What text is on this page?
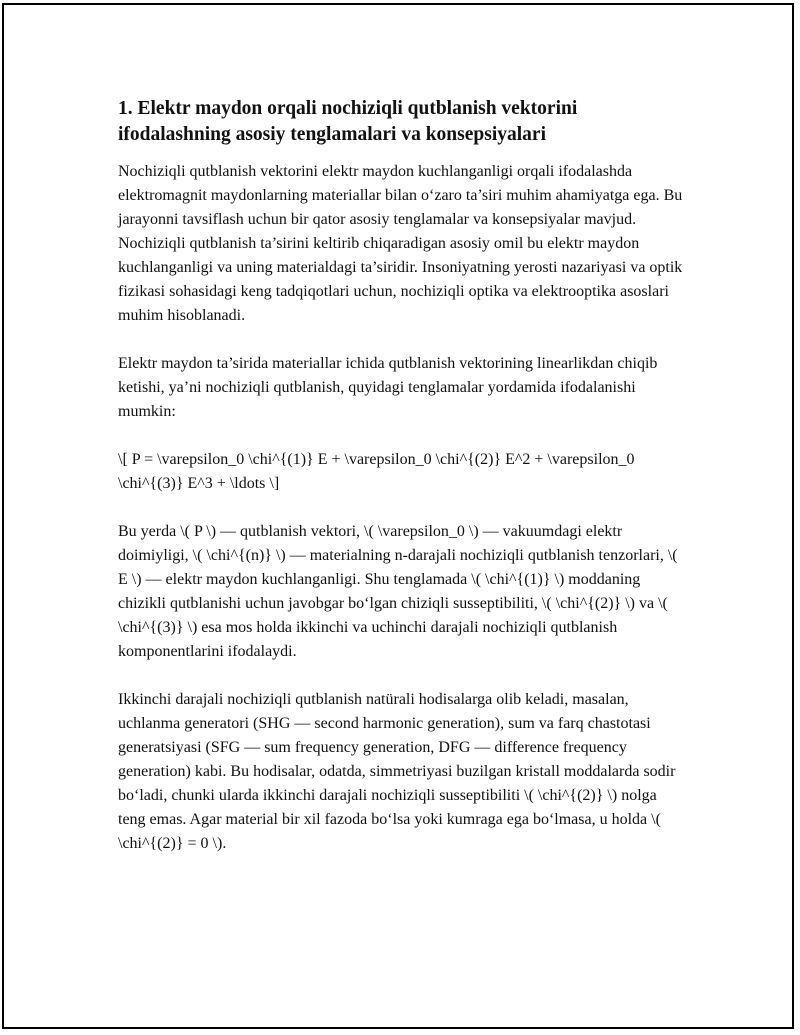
1. Elektr maydon orqali nochiziqli qutblanish vektorini ifodalashning asosiy tenglamalari va konsepsiyalari

Nochiziqli qutblanish vektorini elektr maydon kuchlanganligi orqali ifodalashda elektromagnit maydonlarning materiallar bilan o‘zaro ta’siri muhim ahamiyatga ega. Bu jarayonni tavsiflash uchun bir qator asosiy tenglamalar va konsepsiyalar mavjud. Nochiziqli qutblanish ta’sirini keltirib chiqaradigan asosiy omil bu elektr maydon kuchlanganligi va uning materialdagi ta’siridir. Insoniyatning yerosti nazariyasi va optik fizikasi sohasidagi keng tadqiqotlari uchun, nochiziqli optika va elektrooptika asoslari muhim hisoblanadi.

Elektr maydon ta’sirida materiallar ichida qutblanish vektorining linearlikdan chiqib ketishi, ya’ni nochiziqli qutblanish, quyidagi tenglamalar yordamida ifodalanishi mumkin:

\[ P = \varepsilon_0 \chi^{(1)} E + \varepsilon_0 \chi^{(2)} E^2 + \varepsilon_0 \chi^{(3)} E^3 + \ldots \]

Bu yerda \( P \) — qutblanish vektori, \( \varepsilon_0 \) — vakuumdagi elektr doimiyligi, \( \chi^{(n)} \) — materialning n-darajali nochiziqli qutblanish tenzorlari, \( E \) — elektr maydon kuchlanganligi. Shu tenglamada \( \chi^{(1)} \) moddaning chizikli qutblanishi uchun javobgar bo‘lgan chiziqli susseptibiliti, \( \chi^{(2)} \) va \( \chi^{(3)} \) esa mos holda ikkinchi va uchinchi darajali nochiziqli qutblanish komponentlarini ifodalaydi.

Ikkinchi darajali nochiziqli qutblanish natürali hodisalarga olib keladi, masalan, uchlanma generatori (SHG — second harmonic generation), sum va farq chastotasi generatsiyasi (SFG — sum frequency generation, DFG — difference frequency generation) kabi. Bu hodisalar, odatda, simmetriyasi buzilgan kristall moddalarda sodir bo‘ladi, chunki ularda ikkinchi darajali nochiziqli susseptibiliti \( \chi^{(2)} \) nolga teng emas. Agar material bir xil fazoda bo‘lsa yoki kumraga ega bo‘lmasa, u holda \( \chi^{(2)} = 0 \).
